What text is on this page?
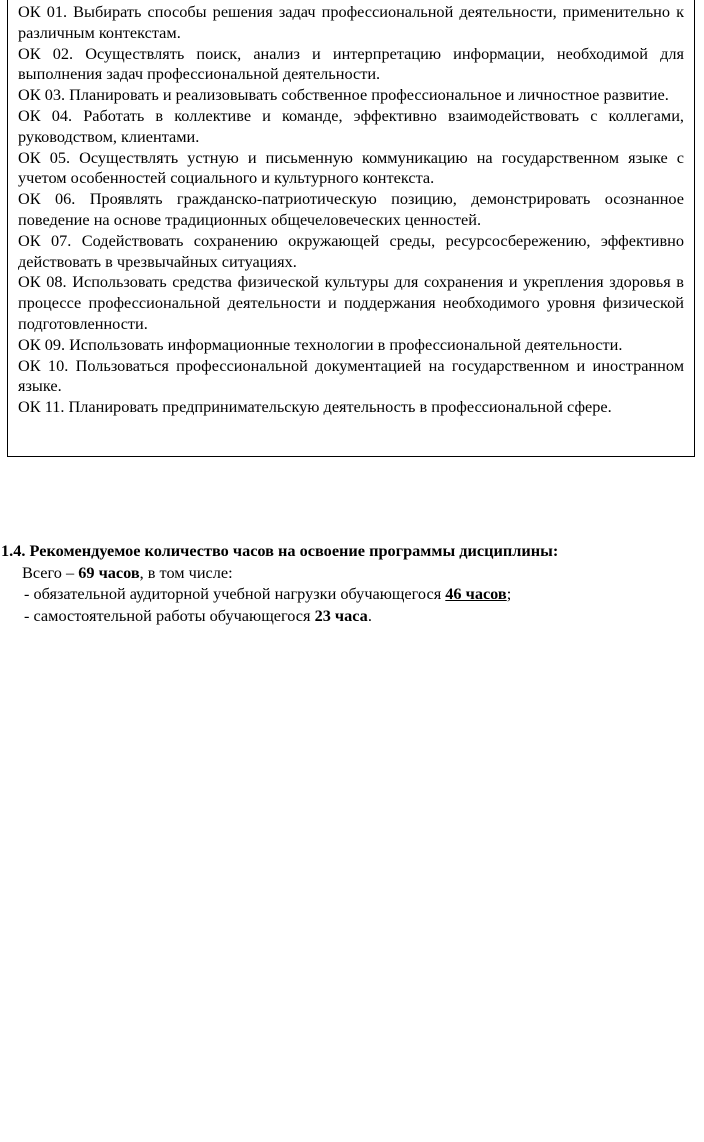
ОК 01. Выбирать способы решения задач профессиональной деятельности, применительно к различным контекстам.

ОК 02. Осуществлять поиск, анализ и интерпретацию информации, необходимой для выполнения задач профессиональной деятельности.

ОК 03. Планировать и реализовывать собственное профессиональное и личностное развитие.

ОК 04. Работать в коллективе и команде, эффективно взаимодействовать с коллегами, руководством, клиентами.

ОК 05. Осуществлять устную и письменную коммуникацию на государственном языке с учетом особенностей социального и культурного контекста.

ОК 06. Проявлять гражданско-патриотическую позицию, демонстрировать осознанное поведение на основе традиционных общечеловеческих ценностей.

ОК 07. Содействовать сохранению окружающей среды, ресурсосбережению, эффективно действовать в чрезвычайных ситуациях.

ОК 08. Использовать средства физической культуры для сохранения и укрепления здоровья в процессе профессиональной деятельности и поддержания необходимого уровня физической подготовленности.

ОК 09. Использовать информационные технологии в профессиональной деятельности.

ОК 10. Пользоваться профессиональной документацией на государственном и иностранном языке.

ОК 11. Планировать предпринимательскую деятельность в профессиональной сфере.

1.4. Рекомендуемое количество часов на освоение программы дисциплины:

Всего – 69 часов, в том числе:

- обязательной аудиторной учебной нагрузки обучающегося 46 часов;

- самостоятельной работы обучающегося 23 часа.
